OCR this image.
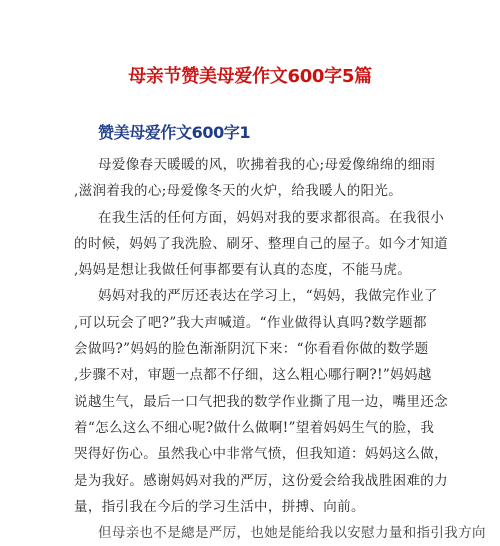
母亲节赞美母爱作文600字5篇
赞美母爱作文600字1
母爱像春天暖暖的风，吹拂着我的心;母爱像绵绵的细雨
,滋润着我的心;母爱像冬天的火炉，给我暖人的阳光。
在我生活的任何方面，妈妈对我的要求都很高。在我很小
的时候，妈妈了我洗脸、刷牙、整理自己的屋子。如今才知道
,妈妈是想让我做任何事都要有认真的态度，不能马虎。
妈妈对我的严厉还表达在学习上，“妈妈，我做完作业了
,可以玩会了吧?”我大声喊道。“作业做得认真吗?数学题都
会做吗?”妈妈的脸色渐渐阴沉下来：“你看看你做的数学题
,步骤不对，审题一点都不仔细，这么粗心哪行啊?!”妈妈越
说越生气，最后一口气把我的数学作业撕了甩一边，嘴里还念
着“怎么这么不细心呢?做什么做啊!”望着妈妈生气的脸，我
哭得好伤心。虽然我心中非常气愤，但我知道：妈妈这么做，
是为我好。感谢妈妈对我的严厉，这份爱会给我战胜困难的力
量，指引我在今后的学习生活中，拼搏、向前。
但母亲也不是總是严厉，也她是能给我以安慰力量和指引我方向
